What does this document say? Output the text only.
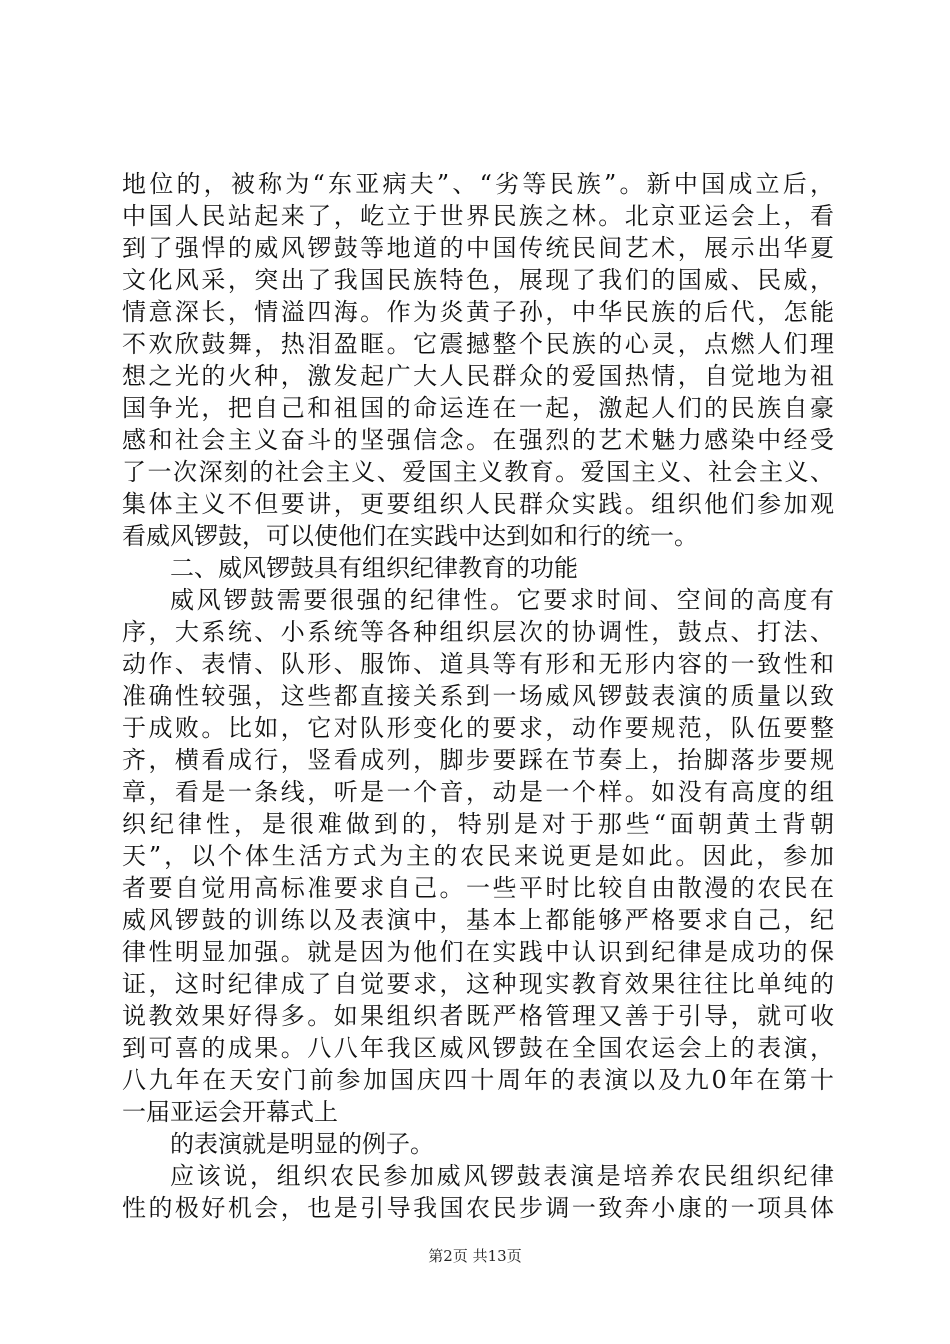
地位的，被称为“东亚病夫”、“劣等民族”。新中国成立后，
中国人民站起来了，屹立于世界民族之林。北京亚运会上，看
到了强悍的威风锣鼓等地道的中国传统民间艺术，展示出华夏
文化风采，突出了我国民族特色，展现了我们的国威、民威，
情意深长，情溢四海。作为炎黄子孙，中华民族的后代，怎能
不欢欣鼓舞，热泪盈眶。它震撼整个民族的心灵，点燃人们理
想之光的火种，激发起广大人民群众的爱国热情，自觉地为祖
国争光，把自己和祖国的命运连在一起，激起人们的民族自豪
感和社会主义奋斗的坚强信念。在强烈的艺术魅力感染中经受
了一次深刻的社会主义、爱国主义教育。爱国主义、社会主义、
集体主义不但要讲，更要组织人民群众实践。组织他们参加观
看威风锣鼓，可以使他们在实践中达到如和行的统一。
二、威风锣鼓具有组织纪律教育的功能
威风锣鼓需要很强的纪律性。它要求时间、空间的高度有
序，大系统、小系统等各种组织层次的协调性，鼓点、打法、
动作、表情、队形、服饰、道具等有形和无形内容的一致性和
准确性较强，这些都直接关系到一场威风锣鼓表演的质量以致
于成败。比如，它对队形变化的要求，动作要规范，队伍要整
齐，横看成行，竖看成列，脚步要踩在节奏上，抬脚落步要规
章，看是一条线，听是一个音，动是一个样。如没有高度的组
织纪律性，是很难做到的，特别是对于那些“面朝黄土背朝
天”，以个体生活方式为主的农民来说更是如此。因此，参加
者要自觉用高标准要求自己。一些平时比较自由散漫的农民在
威风锣鼓的训练以及表演中，基本上都能够严格要求自己，纪
律性明显加强。就是因为他们在实践中认识到纪律是成功的保
证，这时纪律成了自觉要求，这种现实教育效果往往比单纯的
说教效果好得多。如果组织者既严格管理又善于引导，就可收
到可喜的成果。八八年我区威风锣鼓在全国农运会上的表演，
八九年在天安门前参加国庆四十周年的表演以及九0年在第十
一届亚运会开幕式上
的表演就是明显的例子。
应该说，组织农民参加威风锣鼓表演是培养农民组织纪律
性的极好机会，也是引导我国农民步调一致奔小康的一项具体
第2页 共13页
